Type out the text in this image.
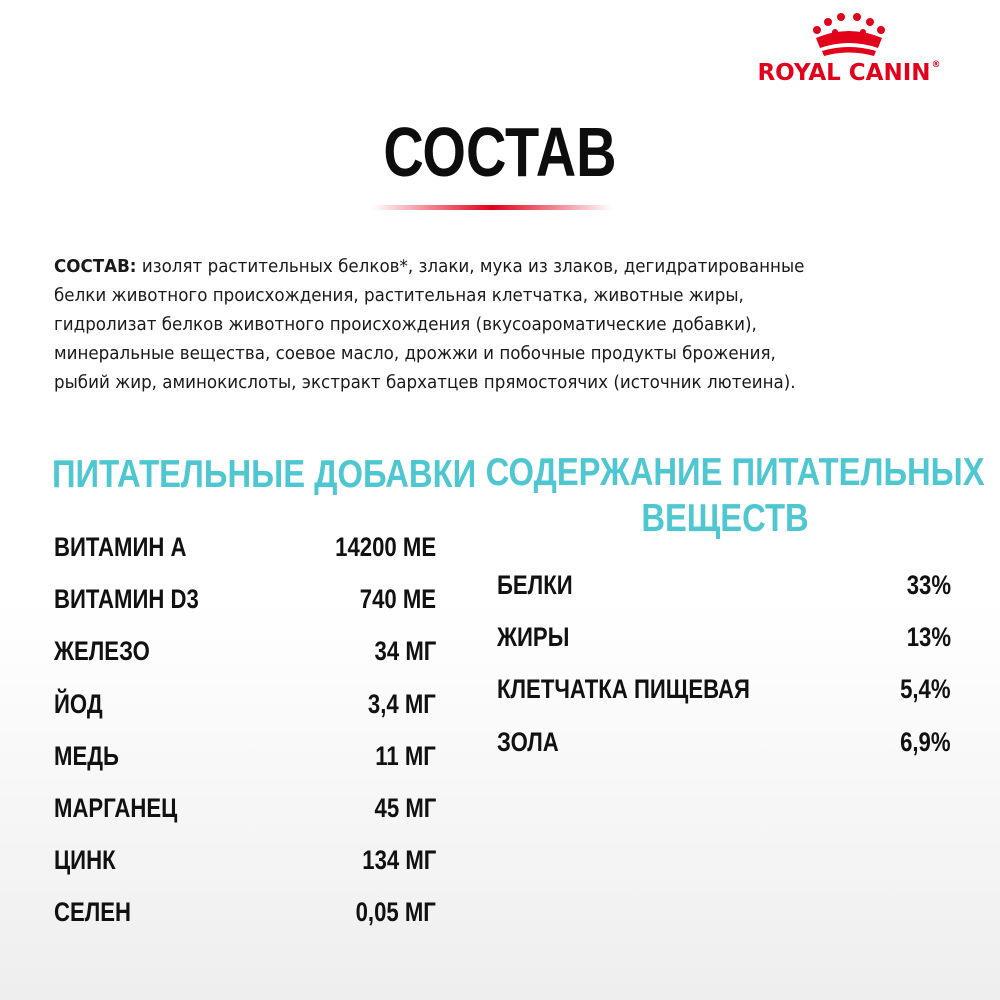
ROYAL CANIN®
СОСТАВ
СОСТАВ: изолят растительных белков*, злаки, мука из злаков, дегидратированные
белки животного происхождения, растительная клетчатка, животные жиры,
гидролизат белков животного происхождения (вкусоароматические добавки),
минеральные вещества, соевое масло, дрожжи и побочные продукты брожения,
рыбий жир, аминокислоты, экстракт бархатцев прямостоячих (источник лютеина).
ПИТАТЕЛЬНЫЕ ДОБАВКИ СОДЕРЖАНИЕ ПИТАТЕЛЬНЫХ
ВЕЩЕСТВ
ВИТАМИН А	14200 МЕ
ВИТАМИН D3	740 МЕ
ЖЕЛЕЗО	34 МГ
ЙОД	3,4 МГ
МЕДЬ	11 МГ
МАРГАНЕЦ	45 МГ
ЦИНК	134 МГ
СЕЛЕН	0,05 МГ
БЕЛКИ	33%
ЖИРЫ	13%
КЛЕТЧАТКА ПИЩЕВАЯ	5,4%
ЗОЛА	6,9%
